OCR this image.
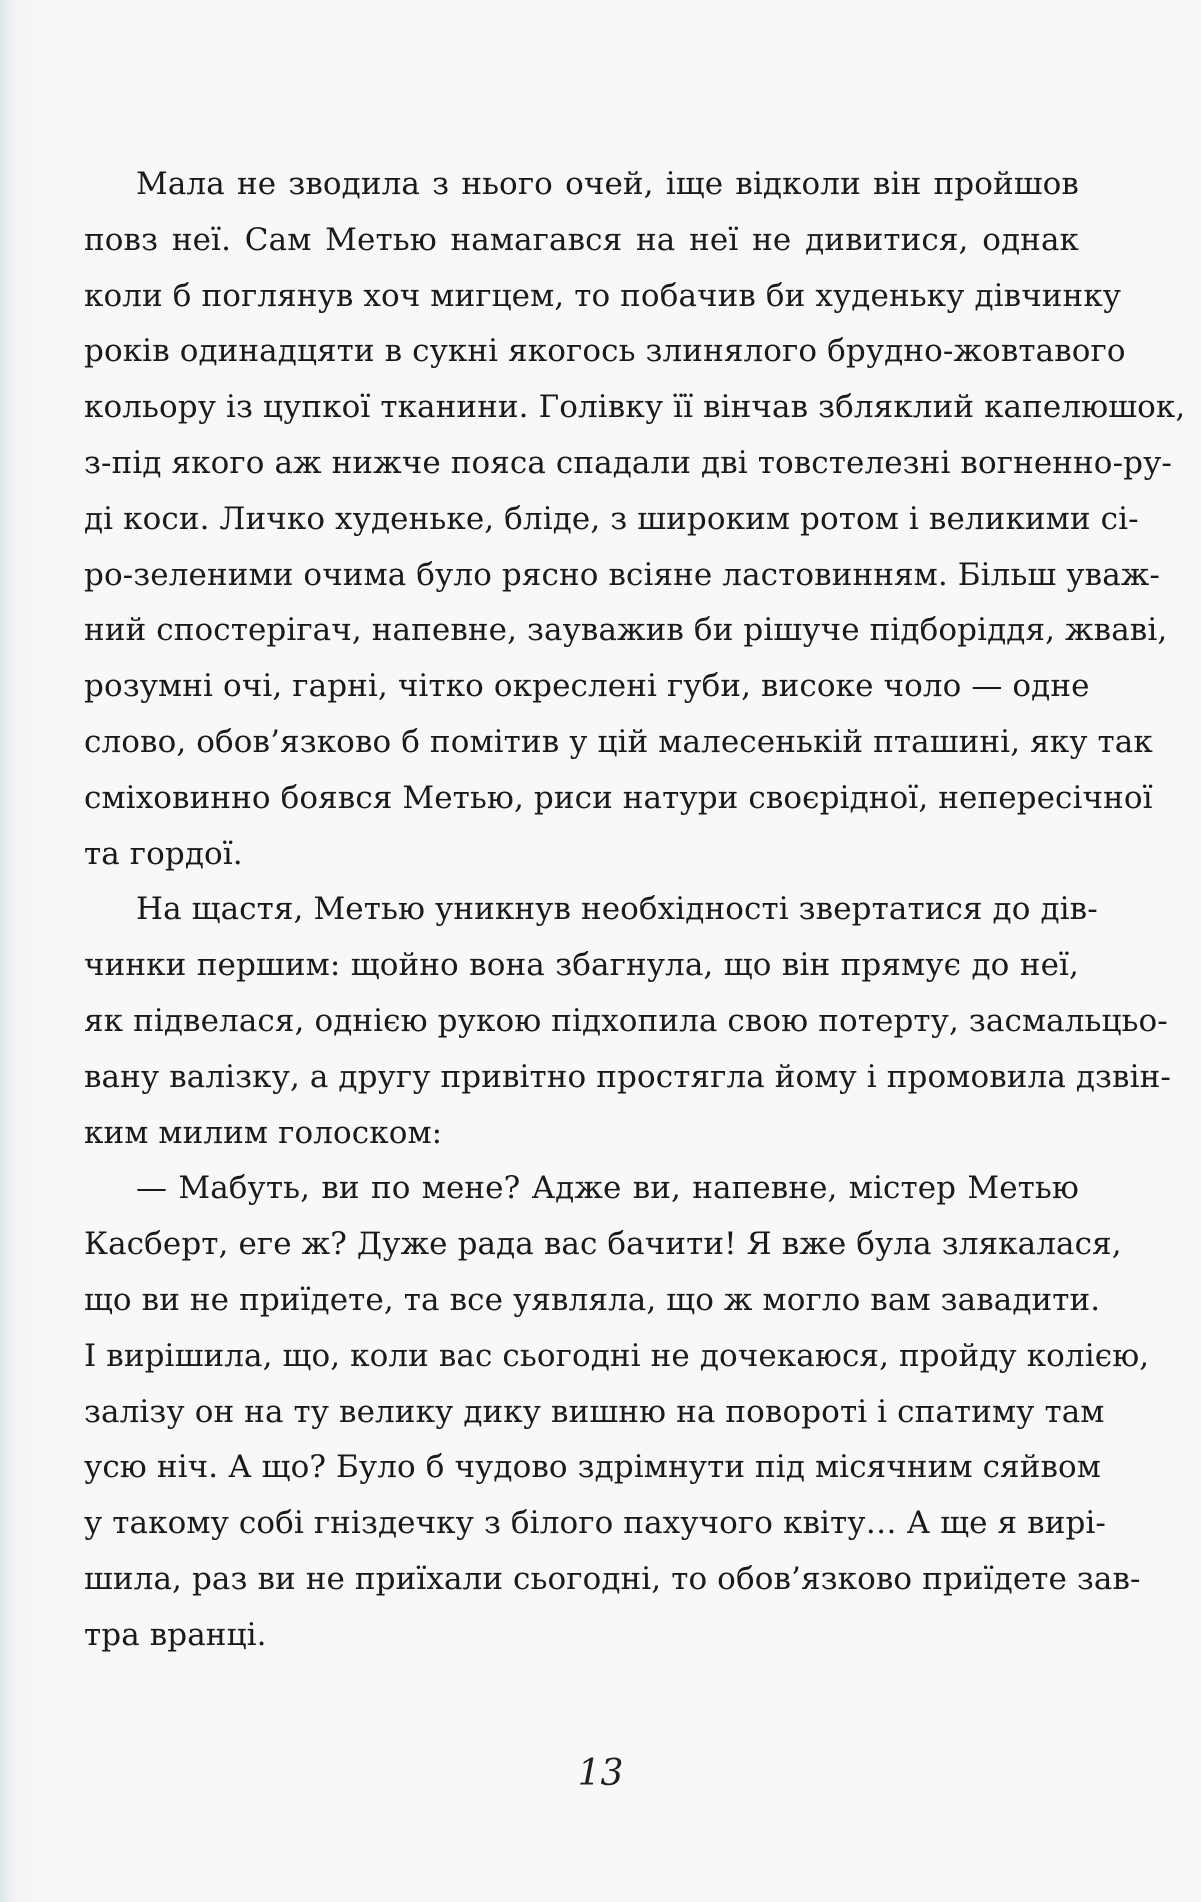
Мала не зводила з нього очей, іще відколи він пройшов
повз неї. Сам Метью намагався на неї не дивитися, однак
коли б поглянув хоч мигцем, то побачив би худеньку дівчинку
років одинадцяти в сукні якогось злинялого брудно-жовтавого
кольору із цупкої тканини. Голівку її вінчав збляклий капелюшок,
з-під якого аж нижче пояса спадали дві товстелезні вогненно-ру-
ді коси. Личко худеньке, бліде, з широким ротом і великими сі-
ро-зеленими очима було рясно всіяне ластовинням. Більш уваж-
ний спостерігач, напевне, зауважив би рішуче підборіддя, жваві,
розумні очі, гарні, чітко окреслені губи, високе чоло — одне
слово, обов’язково б помітив у цій малесенькій пташині, яку так
сміховинно боявся Метью, риси натури своєрідної, непересічної
та гордої.

На щастя, Метью уникнув необхідності звертатися до дів-
чинки першим: щойно вона збагнула, що він прямує до неї,
як підвелася, однією рукою підхопила свою потерту, засмальцьо-
вану валізку, а другу привітно простягла йому і промовила дзвін-
ким милим голоском:

— Мабуть, ви по мене? Адже ви, напевне, містер Метью
Касберт, еге ж? Дуже рада вас бачити! Я вже була злякалася,
що ви не приїдете, та все уявляла, що ж могло вам завадити.
І вирішила, що, коли вас сьогодні не дочекаюся, пройду колією,
залізу он на ту велику дику вишню на повороті і спатиму там
усю ніч. А що? Було б чудово здрімнути під місячним сяйвом
у такому собі гніздечку з білого пахучого квіту… А ще я вирі-
шила, раз ви не приїхали сьогодні, то обов’язково приїдете зав-
тра вранці.

13
